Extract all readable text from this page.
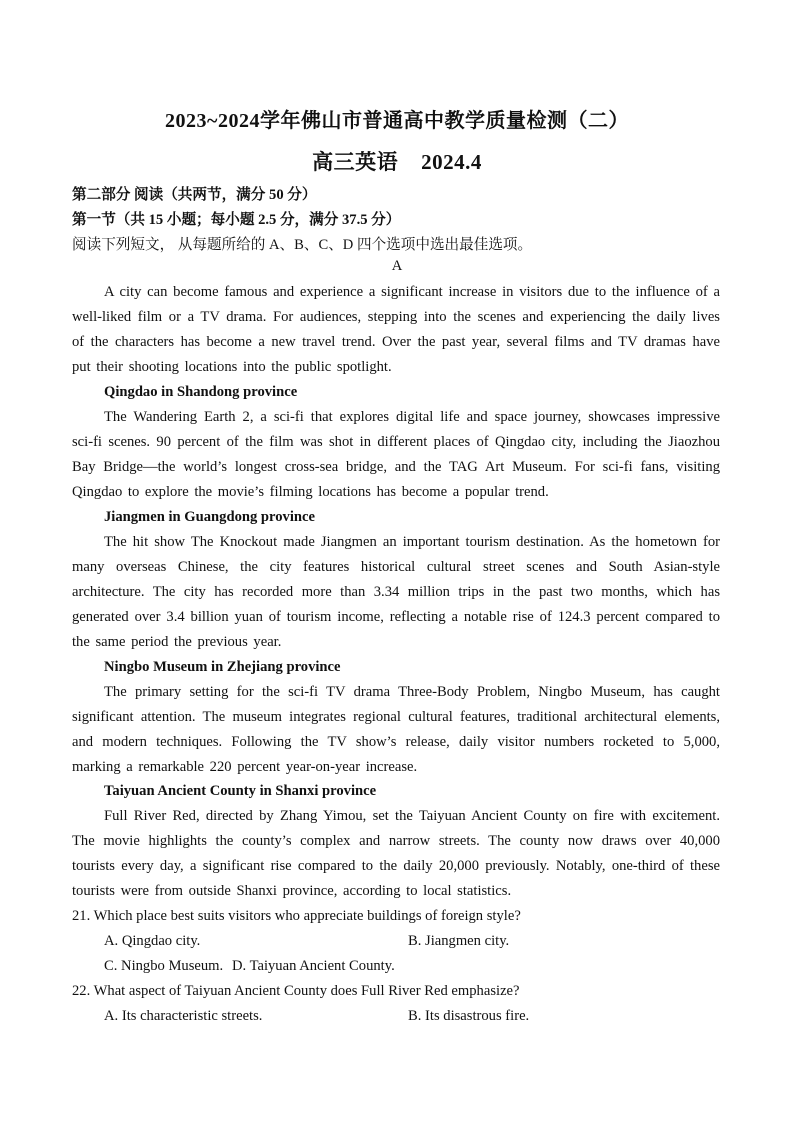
2023~2024学年佛山市普通高中教学质量检测（二）
高三英语    2024.4
第二部分 阅读（共两节，满分 50 分）
第一节（共 15 小题；每小题 2.5 分，满分 37.5 分）
阅读下列短文， 从每题所给的 A、B、C、D 四个选项中选出最佳选项。
A
A city can become famous and experience a significant increase in visitors due to the influence of a well-liked film or a TV drama. For audiences, stepping into the scenes and experiencing the daily lives of the characters has become a new travel trend. Over the past year, several films and TV dramas have put their shooting locations into the public spotlight.
Qingdao in Shandong province
The Wandering Earth 2, a sci-fi that explores digital life and space journey, showcases impressive sci-fi scenes. 90 percent of the film was shot in different places of Qingdao city, including the Jiaozhou Bay Bridge—the world’s longest cross-sea bridge, and the TAG Art Museum. For sci-fi fans, visiting Qingdao to explore the movie’s filming locations has become a popular trend.
Jiangmen in Guangdong province
The hit show The Knockout made Jiangmen an important tourism destination. As the hometown for many overseas Chinese, the city features historical cultural street scenes and South Asian-style architecture. The city has recorded more than 3.34 million trips in the past two months, which has generated over 3.4 billion yuan of tourism income, reflecting a notable rise of 124.3 percent compared to the same period the previous year.
Ningbo Museum in Zhejiang province
The primary setting for the sci-fi TV drama Three-Body Problem, Ningbo Museum, has caught significant attention. The museum integrates regional cultural features, traditional architectural elements, and modern techniques. Following the TV show’s release, daily visitor numbers rocketed to 5,000, marking a remarkable 220 percent year-on-year increase.
Taiyuan Ancient County in Shanxi province
Full River Red, directed by Zhang Yimou, set the Taiyuan Ancient County on fire with excitement. The movie highlights the county’s complex and narrow streets. The county now draws over 40,000 tourists every day, a significant rise compared to the daily 20,000 previously. Notably, one-third of these tourists were from outside Shanxi province, according to local statistics.
21. Which place best suits visitors who appreciate buildings of foreign style?
A. Qingdao city.	B. Jiangmen city.
C. Ningbo Museum. D. Taiyuan Ancient County.
22. What aspect of Taiyuan Ancient County does Full River Red emphasize?
A. Its characteristic streets.	B. Its disastrous fire.
